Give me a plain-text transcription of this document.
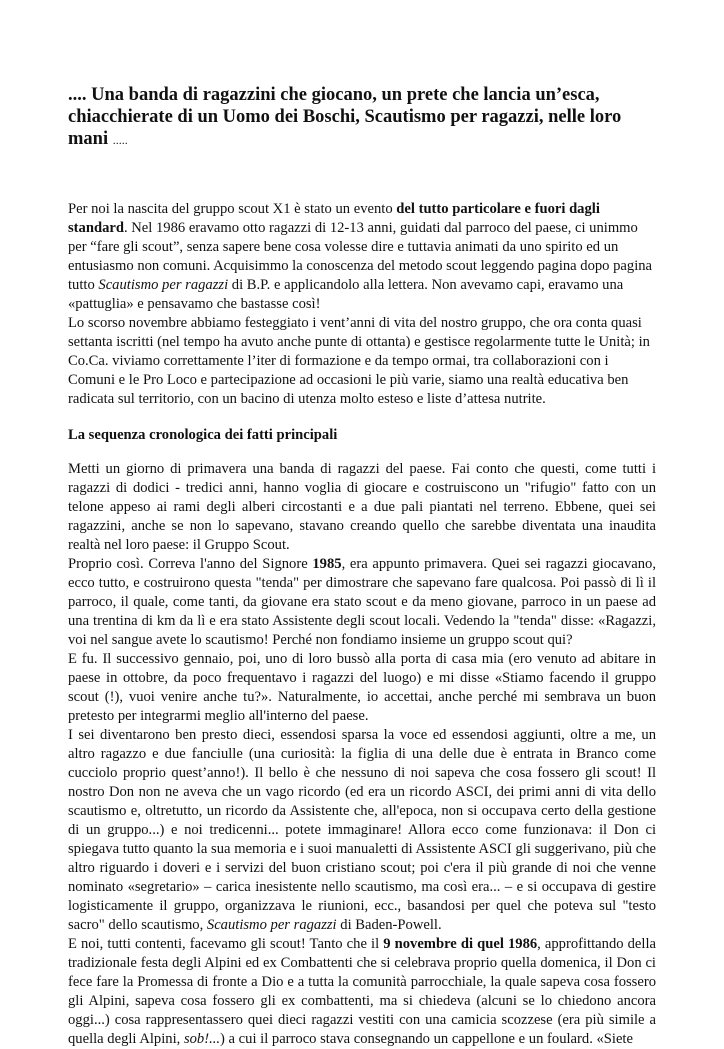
.... Una banda di ragazzini che giocano, un prete che lancia un’esca,
chiacchierate di un Uomo dei Boschi, Scautismo per ragazzi, nelle loro mani .....

Per noi la nascita del gruppo scout X1 è stato un evento del tutto particolare e fuori dagli standard. Nel 1986 eravamo otto ragazzi di 12-13 anni, guidati dal parroco del paese, ci unimmo per “fare gli scout”, senza sapere bene cosa volesse dire e tuttavia animati da uno spirito ed un entusiasmo non comuni. Acquisimmo la conoscenza del metodo scout leggendo pagina dopo pagina tutto Scautismo per ragazzi di B.P. e applicandolo alla lettera. Non avevamo capi, eravamo una «pattuglia» e pensavamo che bastasse così!

Lo scorso novembre abbiamo festeggiato i vent’anni di vita del nostro gruppo, che ora conta quasi settanta iscritti (nel tempo ha avuto anche punte di ottanta) e gestisce regolarmente tutte le Unità; in Co.Ca. viviamo correttamente l’iter di formazione e da tempo ormai, tra collaborazioni con i Comuni e le Pro Loco e partecipazione ad occasioni le più varie, siamo una realtà educativa ben radicata sul territorio, con un bacino di utenza molto esteso e liste d’attesa nutrite.

La sequenza cronologica dei fatti principali

Metti un giorno di primavera una banda di ragazzi del paese. Fai conto che questi, come tutti i ragazzi di dodici - tredici anni, hanno voglia di giocare e costruiscono un "rifugio" fatto con un telone appeso ai rami degli alberi circostanti e a due pali piantati nel terreno. Ebbene, quei sei ragazzini, anche se non lo sapevano, stavano creando quello che sarebbe diventata una inaudita realtà nel loro paese: il Gruppo Scout.

Proprio così. Correva l'anno del Signore 1985, era appunto primavera. Quei sei ragazzi giocavano, ecco tutto, e costruirono questa "tenda" per dimostrare che sapevano fare qualcosa. Poi passò di lì il parroco, il quale, come tanti, da giovane era stato scout e da meno giovane, parroco in un paese ad una trentina di km da lì e era stato Assistente degli scout locali. Vedendo la "tenda" disse: «Ragazzi, voi nel sangue avete lo scautismo! Perché non fondiamo insieme un gruppo scout qui?

E fu. Il successivo gennaio, poi, uno di loro bussò alla porta di casa mia (ero venuto ad abitare in paese in ottobre, da poco frequentavo i ragazzi del luogo) e mi disse «Stiamo facendo il gruppo scout (!), vuoi venire anche tu?». Naturalmente, io accettai, anche perché mi sembrava un buon pretesto per integrarmi meglio all'interno del paese.

I sei diventarono ben presto dieci, essendosi sparsa la voce ed essendosi aggiunti, oltre a me, un altro ragazzo e due fanciulle (una curiosità: la figlia di una delle due è entrata in Branco come cucciolo proprio quest’anno!). Il bello è che nessuno di noi sapeva che cosa fossero gli scout! Il nostro Don non ne aveva che un vago ricordo (ed era un ricordo ASCI, dei primi anni di vita dello scautismo e, oltretutto, un ricordo da Assistente che, all'epoca, non si occupava certo della gestione di un gruppo...) e noi tredicenni... potete immaginare! Allora ecco come funzionava: il Don ci spiegava tutto quanto la sua memoria e i suoi manualetti di Assistente ASCI gli suggerivano, più che altro riguardo i doveri e i servizi del buon cristiano scout; poi c'era il più grande di noi che venne nominato «segretario» – carica inesistente nello scautismo, ma così era... – e si occupava di gestire logisticamente il gruppo, organizzava le riunioni, ecc., basandosi per quel che poteva sul "testo sacro" dello scautismo, Scautismo per ragazzi di Baden-Powell.

E noi, tutti contenti, facevamo gli scout! Tanto che il 9 novembre di quel 1986, approfittando della tradizionale festa degli Alpini ed ex Combattenti che si celebrava proprio quella domenica, il Don ci fece fare la Promessa di fronte a Dio e a tutta la comunità parrocchiale, la quale sapeva cosa fossero gli Alpini, sapeva cosa fossero gli ex combattenti, ma si chiedeva (alcuni se lo chiedono ancora oggi...) cosa rappresentassero quei dieci ragazzi vestiti con una camicia scozzese (era più simile a quella degli Alpini, sob!...) a cui il parroco stava consegnando un cappellone e un foulard. «Siete
